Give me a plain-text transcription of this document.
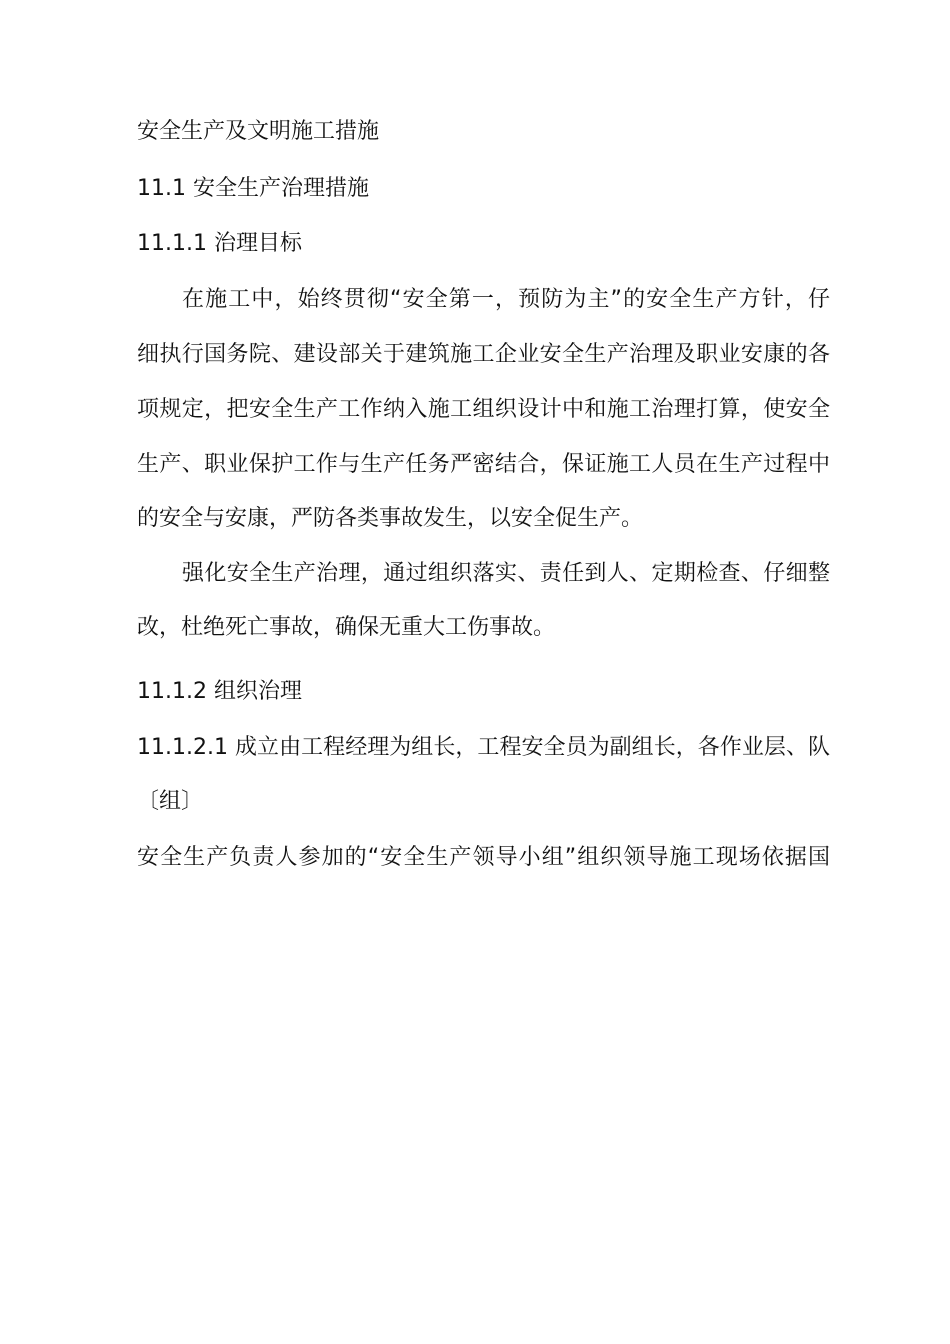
安全生产及文明施工措施
11.1 安全生产治理措施
11.1.1 治理目标
在施工中，始终贯彻“安全第一，预防为主”的安全生产方针，仔
细执行国务院、建设部关于建筑施工企业安全生产治理及职业安康的各
项规定，把安全生产工作纳入施工组织设计中和施工治理打算，使安全
生产、职业保护工作与生产任务严密结合，保证施工人员在生产过程中
的安全与安康，严防各类事故发生，以安全促生产。
强化安全生产治理，通过组织落实、责任到人、定期检查、仔细整
改，杜绝死亡事故，确保无重大工伤事故。
11.1.2 组织治理
11.1.2.1 成立由工程经理为组长，工程安全员为副组长，各作业层、队
〔组〕
安全生产负责人参加的“安全生产领导小组”组织领导施工现场依据国
